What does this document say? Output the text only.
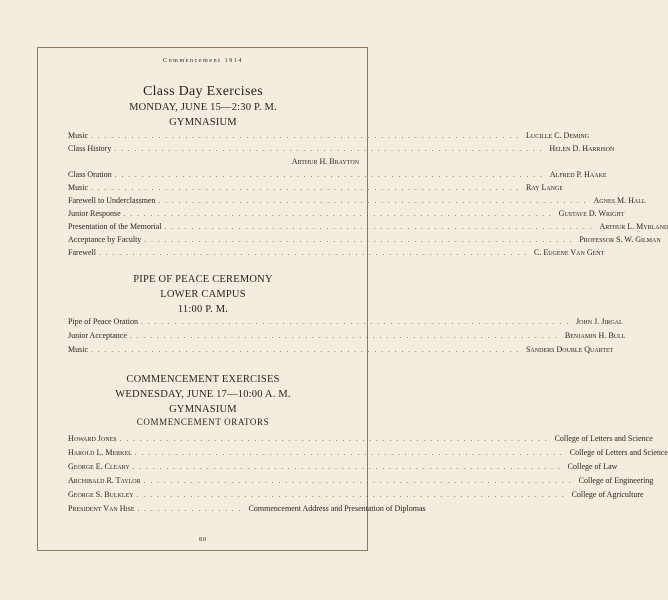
Commencement 1914
Class Day Exercises
MONDAY, JUNE 15—2:30 P. M.
GYMNASIUM
Music ................................................................ Lucille C. Deming
Class History ................................................................ Helen D. Harrison
Arthur H. Brayton
Class Oration ................................................................ Alfred P. Haake
Music ................................................................ Ray Lange
Farewell to Underclassmen ................................................................ Agnes M. Hall
Junior Response ................................................................ Gustave D. Wright
Presentation of the Memorial ................................................................ Arthur L. Myrland
Acceptance by Faculty ................................................................ Professor S. W. Gilman
Farewell ................................................................ C. Eugene Van Gent
PIPE OF PEACE CEREMONY
LOWER CAMPUS
11:00 P. M.
Pipe of Peace Oration ................................................................ John J. Jirgal
Junior Acceptance ................................................................ Benjamin H. Bull
Music ................................................................ Sanders Double Quartet
COMMENCEMENT EXERCISES
WEDNESDAY, JUNE 17—10:00 A. M.
GYMNASIUM
COMMENCEMENT ORATORS
Howard Jones ................................................................ College of Letters and Science
Harold L. Merkel ................................................................ College of Letters and Science
George E. Cleary ................................................................ College of Law
Archibald R. Taylor ................................................................ College of Engineering
George S. Bulkley ................................................................ College of Agriculture
President Van Hise ................ Commencement Address and Presentation of Diplomas
80
